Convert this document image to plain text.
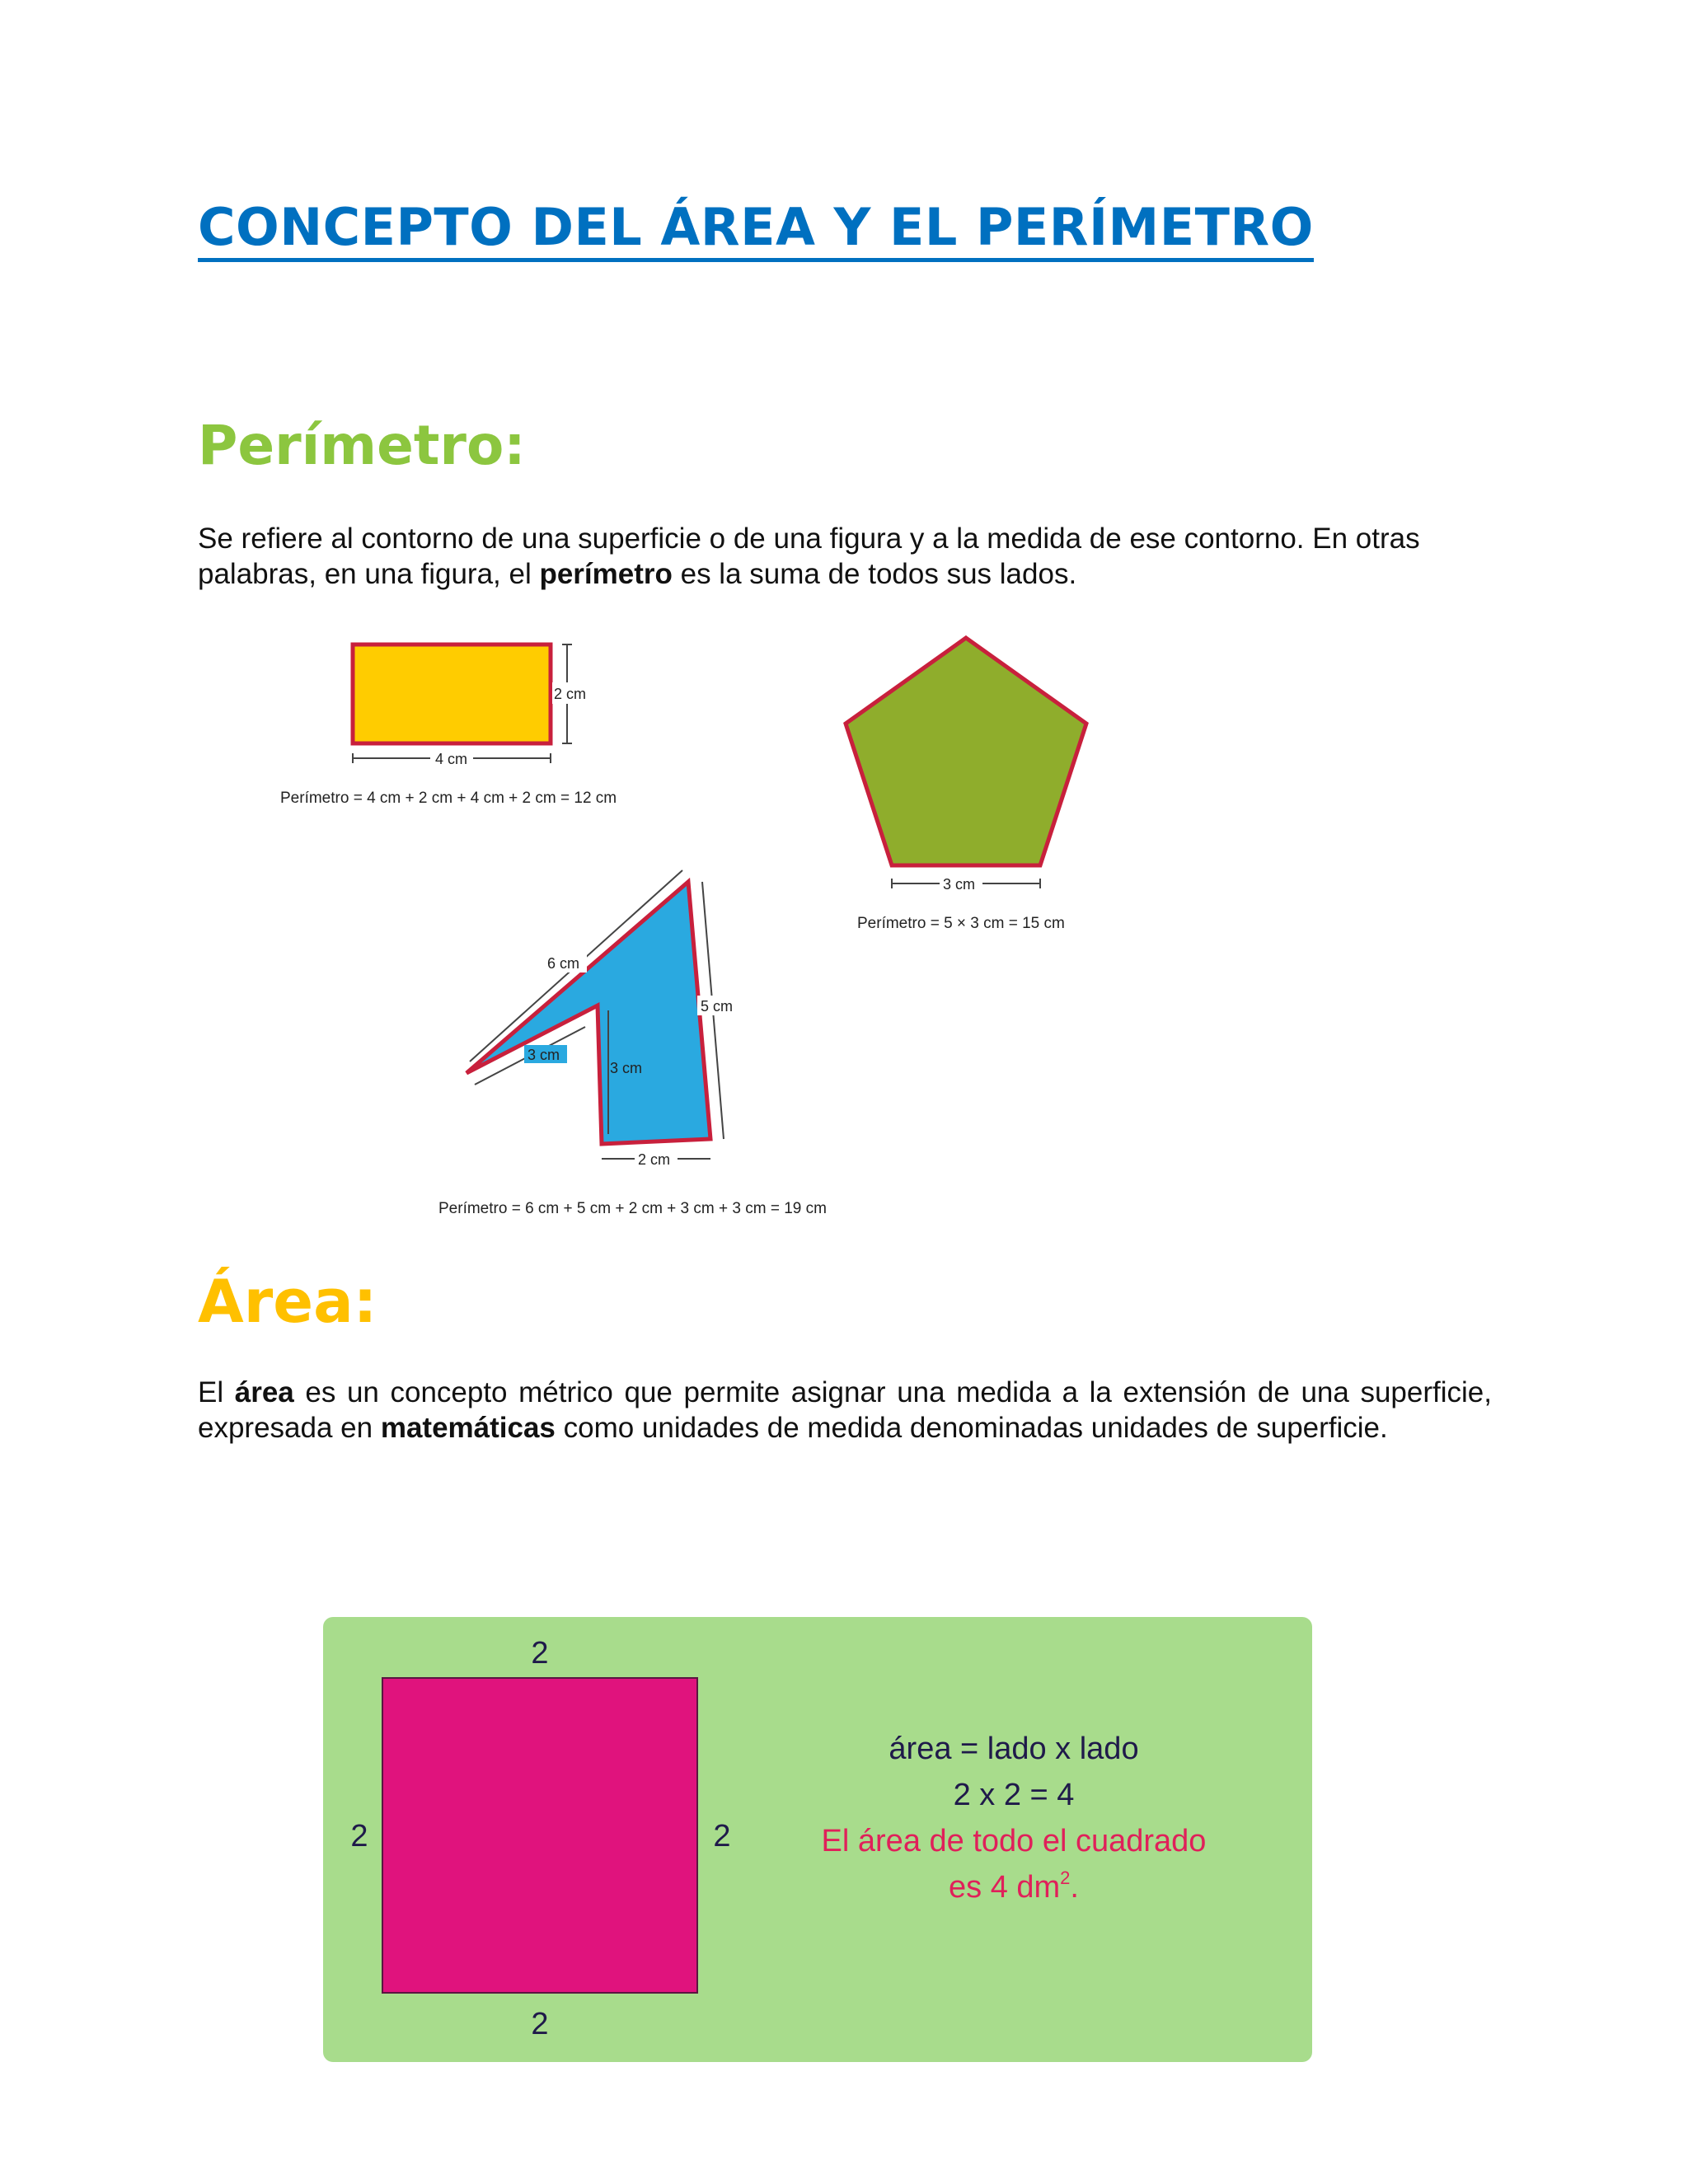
CONCEPTO DEL ÁREA Y EL PERÍMETRO
Perímetro:

Se refiere al contorno de una superficie o de una figura y a la medida de ese contorno. En otras palabras, en una figura, el perímetro es la suma de todos sus lados.

2 cm
4 cm
Perímetro = 4 cm + 2 cm + 4 cm + 2 cm = 12 cm
3 cm
Perímetro = 5 × 3 cm = 15 cm
6 cm
5 cm
3 cm
3 cm
2 cm
Perímetro = 6 cm + 5 cm + 2 cm + 3 cm + 3 cm = 19 cm
Área:

El área es un concepto métrico que permite asignar una medida a la extensión de una superficie, expresada en matemáticas como unidades de medida denominadas unidades de superficie.

2
2	2
2
área = lado x lado
2 x 2 = 4
El área de todo el cuadrado
es 4 $dm^2$.
